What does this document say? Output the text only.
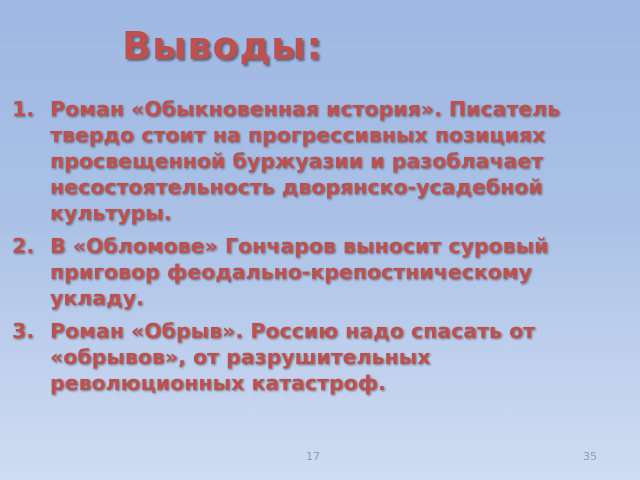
Выводы:
1. Роман «Обыкновенная история». Писатель твердо стоит на прогрессивных позициях просвещенной буржуазии и разоблачает несостоятельность дворянско-усадебной культуры.
2. В «Обломове» Гончаров выносит суровый приговор феодально-крепостническому укладу.
3. Роман «Обрыв». Россию надо спасать от «обрывов», от разрушительных революционных катастроф.
17	35
